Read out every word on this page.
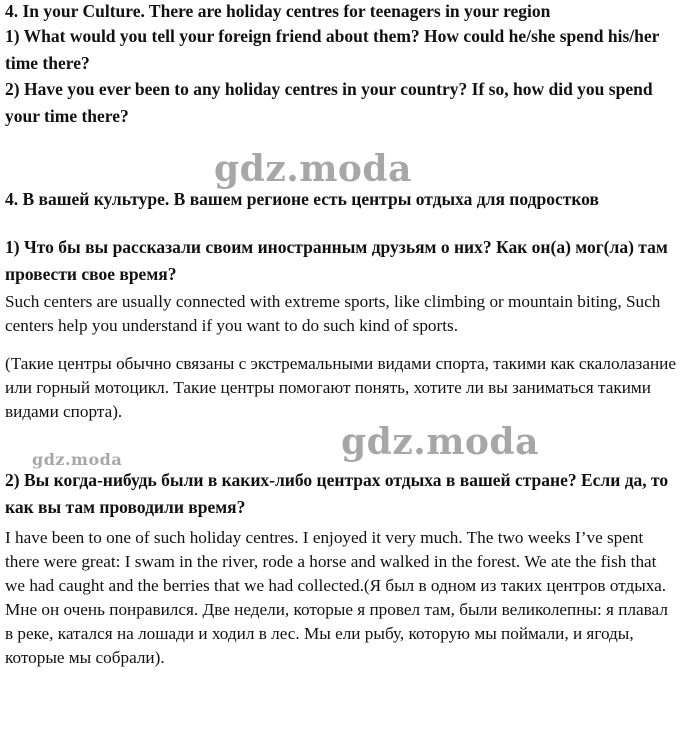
4. In your Culture. There are holiday centres for teenagers in your region

1) What would you tell your foreign friend about them? How could he/she spend his/her time there?

2) Have you ever been to any holiday centres in your country? If so, how did you spend your time there?

gdz.moda

4. В вашей культуре. В вашем регионе есть центры отдыха для подростков

1) Что бы вы рассказали своим иностранным друзьям о них? Как он(а) мог(ла) там провести свое время?

Such centers are usually connected with extreme sports, like climbing or mountain biting, Such centers help you understand if you want to do such kind of sports.

(Такие центры обычно связаны с экстремальными видами спорта, такими как скалолазание или горный мотоцикл. Такие центры помогают понять, хотите ли вы заниматься такими видами спорта).

gdz.moda
gdz.moda

2) Вы когда-нибудь были в каких-либо центрах отдыха в вашей стране? Если да, то как вы там проводили время?

I have been to one of such holiday centres. I enjoyed it very much. The two weeks I’ve spent there were great: I swam in the river, rode a horse and walked in the forest. We ate the fish that we had caught and the berries that we had collected.(Я был в одном из таких центров отдыха. Мне он очень понравился. Две недели, которые я провел там, были великолепны: я плавал в реке, катался на лошади и ходил в лес. Мы ели рыбу, которую мы поймали, и ягоды, которые мы собрали).
